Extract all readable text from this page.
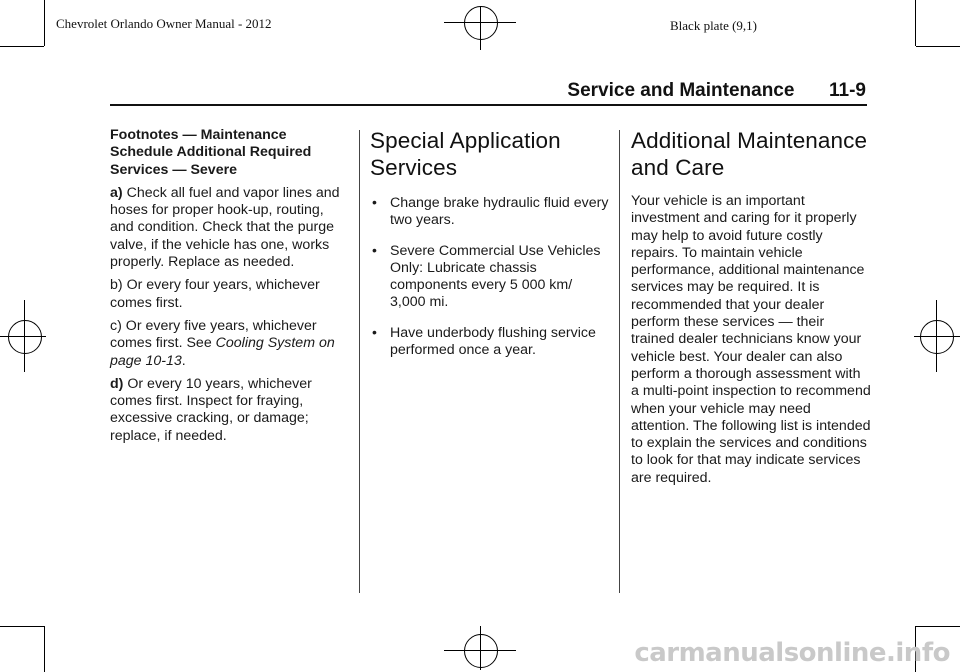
Chevrolet Orlando Owner Manual - 2012	Black plate (9,1)
Service and Maintenance 11-9

Footnotes — Maintenance Schedule Additional Required Services — Severe

a) Check all fuel and vapor lines and hoses for proper hook-up, routing, and condition. Check that the purge valve, if the vehicle has one, works properly. Replace as needed.

b) Or every four years, whichever comes first.

c) Or every five years, whichever comes first. See Cooling System on page 10-13.

d) Or every 10 years, whichever comes first. Inspect for fraying, excessive cracking, or damage; replace, if needed.

Special Application Services
• Change brake hydraulic fluid every two years.
• Severe Commercial Use Vehicles Only: Lubricate chassis components every 5 000 km/ 3,000 mi.
• Have underbody flushing service performed once a year.
Additional Maintenance and Care

Your vehicle is an important investment and caring for it properly may help to avoid future costly repairs. To maintain vehicle performance, additional maintenance services may be required. It is recommended that your dealer perform these services — their trained dealer technicians know your vehicle best. Your dealer can also perform a thorough assessment with a multi-point inspection to recommend when your vehicle may need attention. The following list is intended to explain the services and conditions to look for that may indicate services are required.

carmanualsonline.info
